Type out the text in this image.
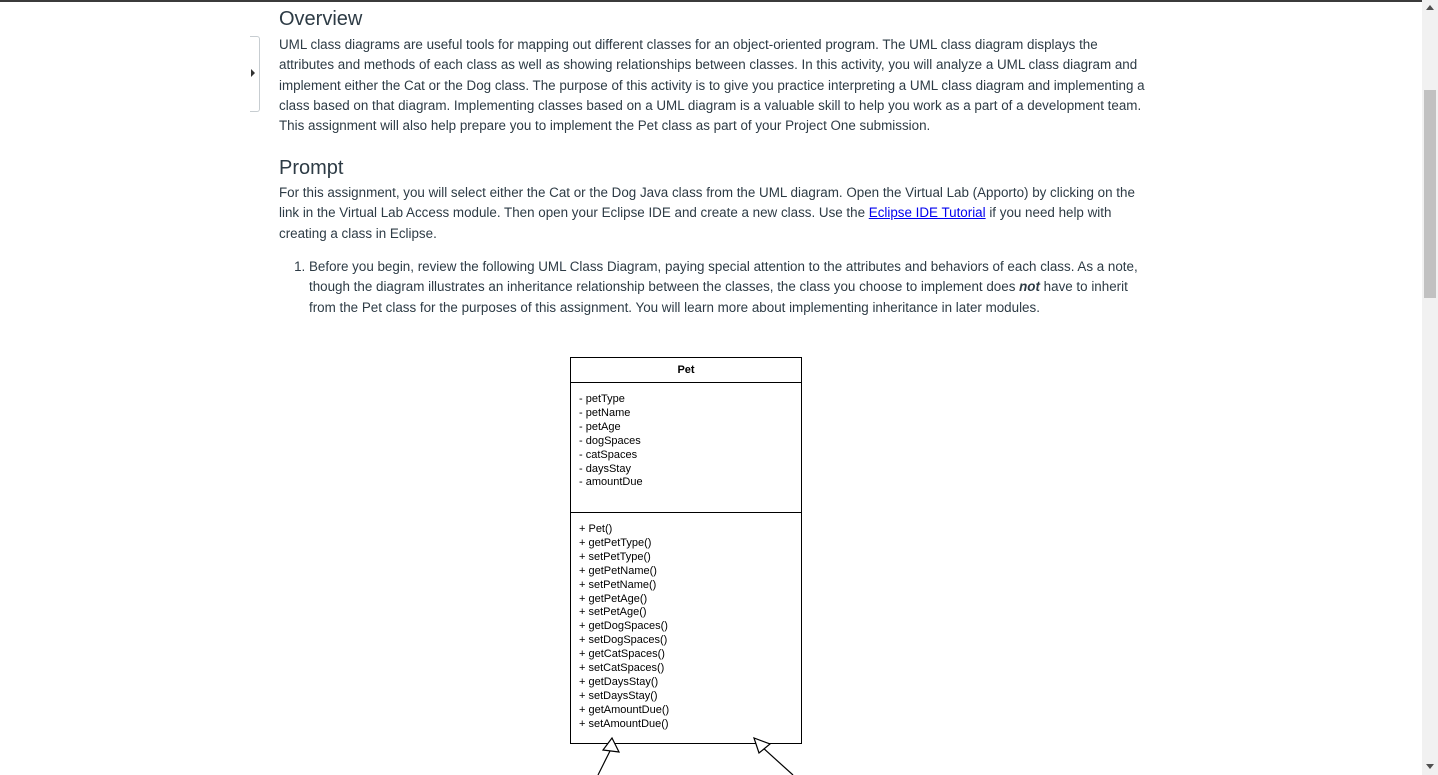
Overview

UML class diagrams are useful tools for mapping out different classes for an object-oriented program. The UML class diagram displays the attributes and methods of each class as well as showing relationships between classes. In this activity, you will analyze a UML class diagram and implement either the Cat or the Dog class. The purpose of this activity is to give you practice interpreting a UML class diagram and implementing a class based on that diagram. Implementing classes based on a UML diagram is a valuable skill to help you work as a part of a development team. This assignment will also help prepare you to implement the Pet class as part of your Project One submission.

Prompt

For this assignment, you will select either the Cat or the Dog Java class from the UML diagram. Open the Virtual Lab (Apporto) by clicking on the link in the Virtual Lab Access module. Then open your Eclipse IDE and create a new class. Use the Eclipse IDE Tutorial if you need help with creating a class in Eclipse.

1. Before you begin, review the following UML Class Diagram, paying special attention to the attributes and behaviors of each class. As a note, though the diagram illustrates an inheritance relationship between the classes, the class you choose to implement does not have to inherit from the Pet class for the purposes of this assignment. You will learn more about implementing inheritance in later modules.
Pet
- petType
- petName
- petAge
- dogSpaces
- catSpaces
- daysStay
- amountDue
+ Pet()
+ getPetType()
+ setPetType()
+ getPetName()
+ setPetName()
+ getPetAge()
+ setPetAge()
+ getDogSpaces()
+ setDogSpaces()
+ getCatSpaces()
+ setCatSpaces()
+ getDaysStay()
+ setDaysStay()
+ getAmountDue()
+ setAmountDue()
